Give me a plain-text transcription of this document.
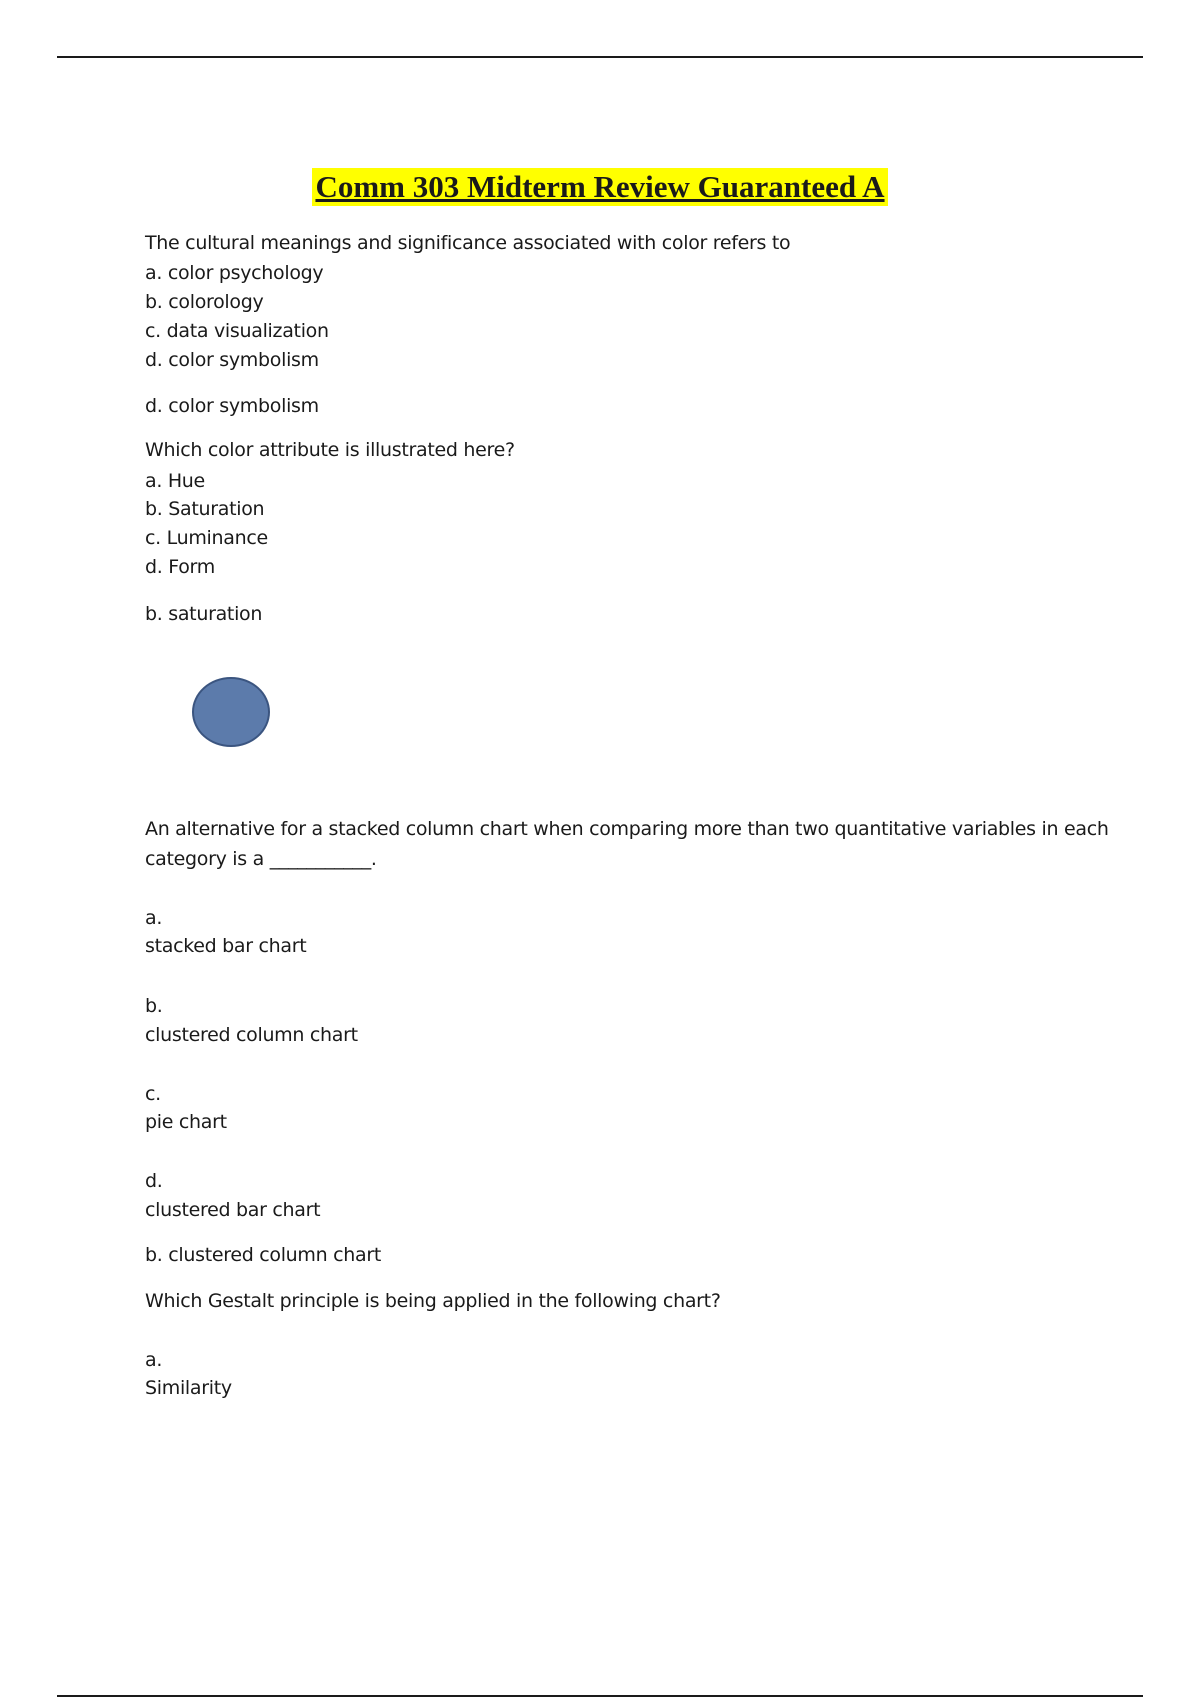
Comm 303 Midterm Review Guaranteed A
The cultural meanings and significance associated with color refers to
a. color psychology
b. colorology
c. data visualization
d. color symbolism
d. color symbolism
Which color attribute is illustrated here?
a. Hue
b. Saturation
c. Luminance
d. Form
b. saturation
An alternative for a stacked column chart when comparing more than two quantitative variables in each
category is a ___________.
a.
stacked bar chart
b.
clustered column chart
c.
pie chart
d.
clustered bar chart
b. clustered column chart
Which Gestalt principle is being applied in the following chart?
a.
Similarity
